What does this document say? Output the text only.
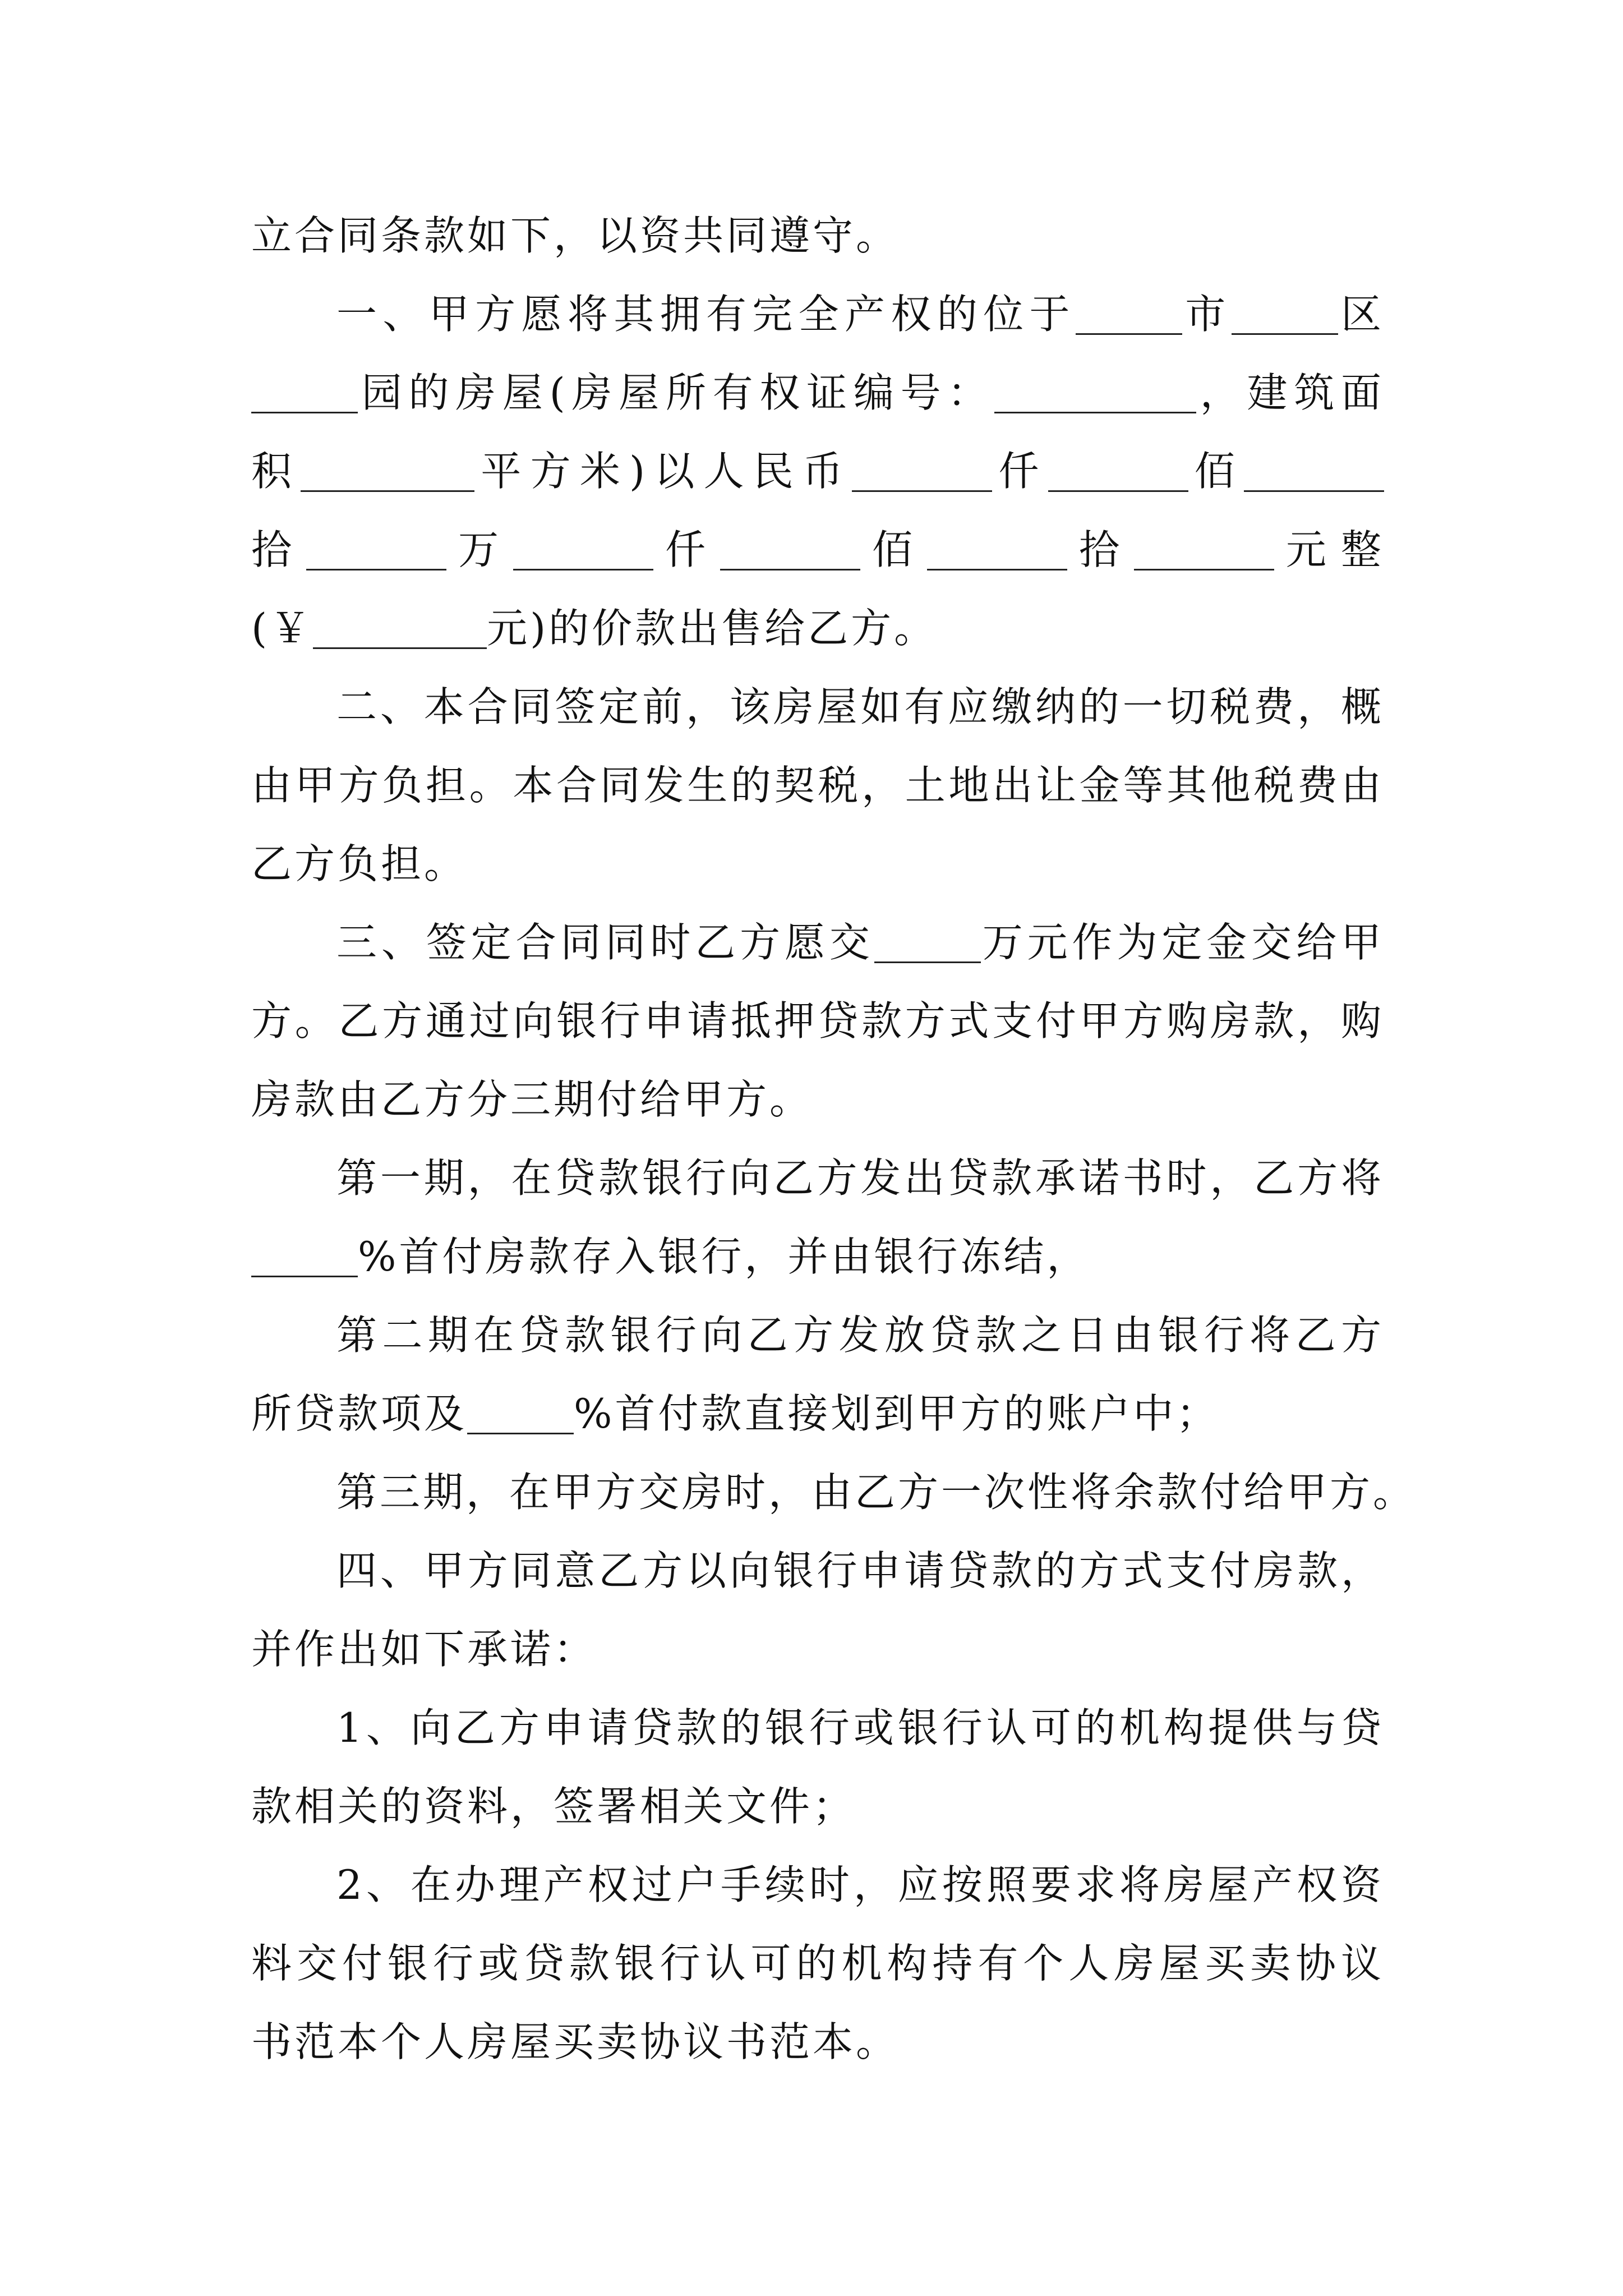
立合同条款如下，以资共同遵守。
一、甲方愿将其拥有完全产权的位于	市	区
园的房屋(房屋所有权证编号：	，建筑面
积	平方米)以人民币	仟	佰
拾	万	仟	佰	拾	元整
(￥	元)的价款出售给乙方。
二、本合同签定前，该房屋如有应缴纳的一切税费，概
由甲方负担。本合同发生的契税，土地出让金等其他税费由
乙方负担。
三、签定合同同时乙方愿交	万元作为定金交给甲
方。乙方通过向银行申请抵押贷款方式支付甲方购房款，购
房款由乙方分三期付给甲方。
第一期，在贷款银行向乙方发出贷款承诺书时，乙方将
%首付房款存入银行，并由银行冻结，
第二期在贷款银行向乙方发放贷款之日由银行将乙方
所贷款项及	%首付款直接划到甲方的账户中；
第三期，在甲方交房时，由乙方一次性将余款付给甲方。
四、甲方同意乙方以向银行申请贷款的方式支付房款，
并作出如下承诺：
1、向乙方申请贷款的银行或银行认可的机构提供与贷
款相关的资料，签署相关文件；
2、在办理产权过户手续时，应按照要求将房屋产权资
料交付银行或贷款银行认可的机构持有个人房屋买卖协议
书范本个人房屋买卖协议书范本。
